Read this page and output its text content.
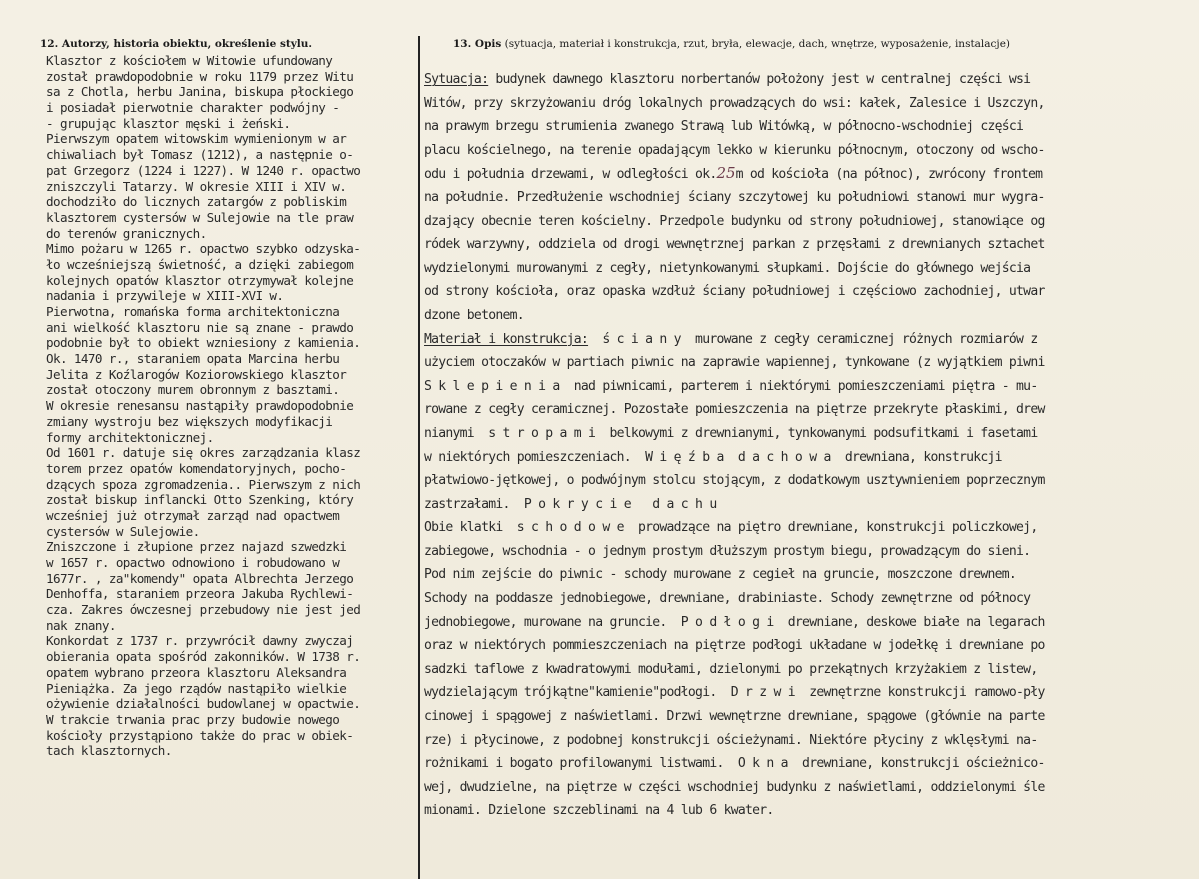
12. Autorzy, historia obiektu, określenie stylu.	13. Opis (sytuacja, materiał i konstrukcja, rzut, bryła, elewacje, dach, wnętrze, wyposażenie, instalacje)
Klasztor z kościołem w Witowie ufundowany
został prawdopodobnie w roku 1179 przez Witu
sa z Chotla, herbu Janina, biskupa płockiego
i posiadał pierwotnie charakter podwójny -
- grupując klasztor męski i żeński.
Pierwszym opatem witowskim wymienionym w ar
chiwaliach był Tomasz (1212), a następnie o-
pat Grzegorz (1224 i 1227). W 1240 r. opactwo
zniszczyli Tatarzy. W okresie XIII i XIV w.
dochodziło do licznych zatargów z pobliskim
klasztorem cystersów w Sulejowie na tle praw
do terenów granicznych.
Mimo pożaru w 1265 r. opactwo szybko odzyska-
ło wcześniejszą świetność, a dzięki zabiegom
kolejnych opatów klasztor otrzymywał kolejne
nadania i przywileje w XIII-XVI w.
Pierwotna, romańska forma architektoniczna
ani wielkość klasztoru nie są znane - prawdo
podobnie był to obiekt wzniesiony z kamienia.
Ok. 1470 r., staraniem opata Marcina herbu
Jelita z Koźlarogów Koziorowskiego klasztor
został otoczony murem obronnym z basztami.
W okresie renesansu nastąpiły prawdopodobnie
zmiany wystroju bez większych modyfikacji
formy architektonicznej.
Od 1601 r. datuje się okres zarządzania klasz
torem przez opatów komendatoryjnych, pocho-
dzących spoza zgromadzenia.. Pierwszym z nich
został biskup inflancki Otto Szenking, który
wcześniej już otrzymał zarząd nad opactwem
cystersów w Sulejowie.
Zniszczone i złupione przez najazd szwedzki
w 1657 r. opactwo odnowiono i robudowano w
1677r. , za"komendy" opata Albrechta Jerzego
Denhoffa, staraniem przeora Jakuba Rychlewi-
cza. Zakres ówczesnej przebudowy nie jest jed
nak znany.
Konkordat z 1737 r. przywrócił dawny zwyczaj
obierania opata spośród zakonników. W 1738 r.
opatem wybrano przeora klasztoru Aleksandra
Pieniążka. Za jego rządów nastąpiło wielkie
ożywienie działalności budowlanej w opactwie.
W trakcie trwania prac przy budowie nowego
kościoły przystąpiono także do prac w obiek-
tach klasztornych.
Sytuacja: budynek dawnego klasztoru norbertanów położony jest w centralnej części wsi
Witów, przy skrzyżowaniu dróg lokalnych prowadzących do wsi: kałek, Zalesice i Uszczyn,
na prawym brzegu strumienia zwanego Strawą lub Witówką, w północno-wschodniej części
placu kościelnego, na terenie opadającym lekko w kierunku północnym, otoczony od wscho-
odu i południa drzewami, w odległości ok.25m od kościoła (na północ), zwrócony frontem
na południe. Przedłużenie wschodniej ściany szczytowej ku południowi stanowi mur wygra-
dzający obecnie teren kościelny. Przedpole budynku od strony południowej, stanowiące og
ródek warzywny, oddziela od drogi wewnętrznej parkan z przęsłami z drewnianych sztachet
wydzielonymi murowanymi z cegły, nietynkowanymi słupkami. Dojście do głównego wejścia
od strony kościoła, oraz opaska wzdłuż ściany południowej i częściowo zachodniej, utwar
dzone betonem.
Materiał i konstrukcja:  ś c i a n y  murowane z cegły ceramicznej różnych rozmiarów z
użyciem otoczaków w partiach piwnic na zaprawie wapiennej, tynkowane (z wyjątkiem piwni
S k l e p i e n i a  nad piwnicami, parterem i niektórymi pomieszczeniami piętra - mu-
rowane z cegły ceramicznej. Pozostałe pomieszczenia na piętrze przekryte płaskimi, drew
nianymi  s t r o p a m i  belkowymi z drewnianymi, tynkowanymi podsufitkami i fasetami
w niektórych pomieszczeniach.  W i ę ź b a  d a c h o w a  drewniana, konstrukcji
płatwiowo-jętkowej, o podwójnym stolcu stojącym, z dodatkowym usztywnieniem poprzecznym
zastrzałami.  P o k r y c i e   d a c h u
Obie klatki  s c h o d o w e  prowadzące na piętro drewniane, konstrukcji policzkowej,
zabiegowe, wschodnia - o jednym prostym dłuższym prostym biegu, prowadzącym do sieni.
Pod nim zejście do piwnic - schody murowane z cegieł na gruncie, moszczone drewnem.
Schody na poddasze jednobiegowe, drewniane, drabiniaste. Schody zewnętrzne od północy
jednobiegowe, murowane na gruncie.  P o d ł o g i  drewniane, deskowe białe na legarach
oraz w niektórych pommieszczeniach na piętrze podłogi układane w jodełkę i drewniane po
sadzki taflowe z kwadratowymi modułami, dzielonymi po przekątnych krzyżakiem z listew,
wydzielającym trójkątne"kamienie"podłogi.  D r z w i  zewnętrzne konstrukcji ramowo-pły
cinowej i spągowej z naświetlami. Drzwi wewnętrzne drewniane, spągowe (głównie na parte
rze) i płycinowe, z podobnej konstrukcji ościeżynami. Niektóre płyciny z wklęsłymi na-
rożnikami i bogato profilowanymi listwami.  O k n a  drewniane, konstrukcji ościeżnico-
wej, dwudzielne, na piętrze w części wschodniej budynku z naświetlami, oddzielonymi śle
mionami. Dzielone szczeblinami na 4 lub 6 kwater.
